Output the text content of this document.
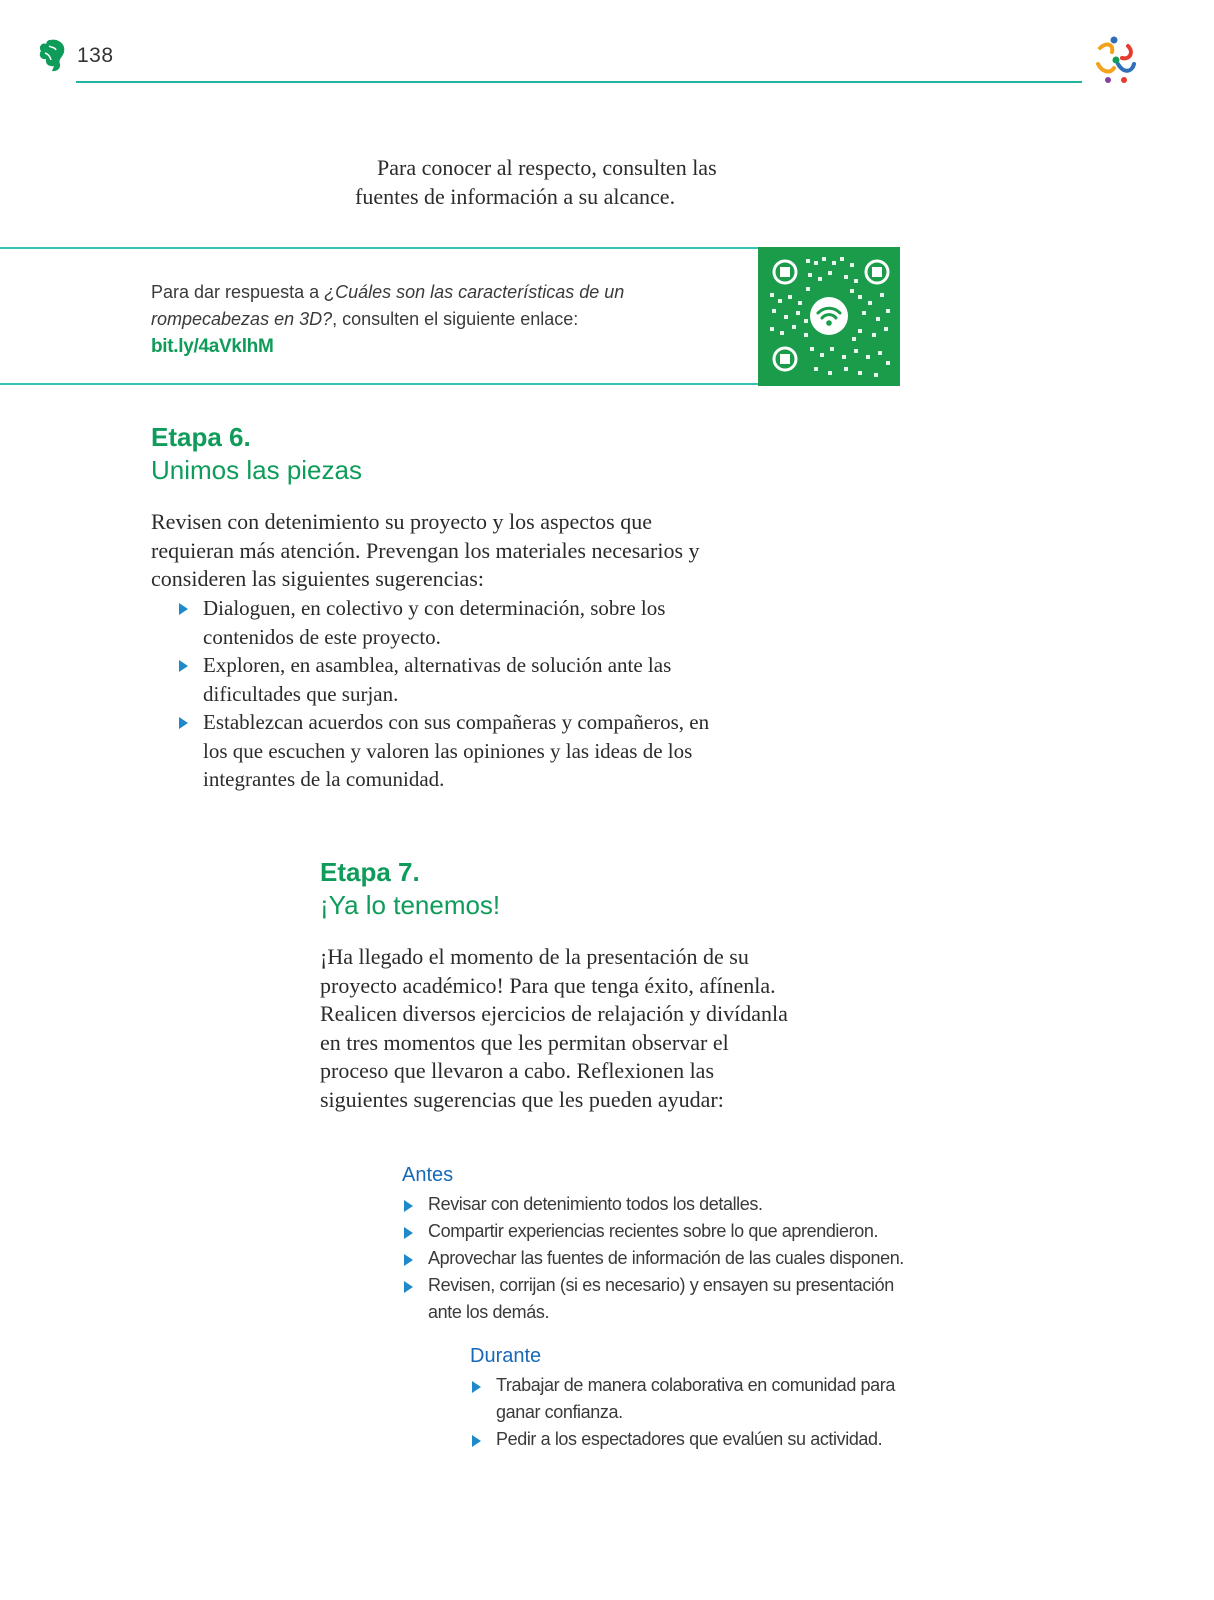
138
Para conocer al respecto, consulten las
fuentes de información a su alcance.
Para dar respuesta a ¿Cuáles son las características de un rompecabezas en 3D?, consulten el siguiente enlace:
bit.ly/4aVklhM
Etapa 6.
Unimos las piezas
Revisen con detenimiento su proyecto y los aspectos que requieran más atención. Prevengan los materiales necesarios y consideren las siguientes sugerencias:
Dialoguen, en colectivo y con determinación, sobre los contenidos de este proyecto.
Exploren, en asamblea, alternativas de solución ante las dificultades que surjan.
Establezcan acuerdos con sus compañeras y compañeros, en los que escuchen y valoren las opiniones y las ideas de los integrantes de la comunidad.
Etapa 7.
¡Ya lo tenemos!
¡Ha llegado el momento de la presentación de su proyecto académico! Para que tenga éxito, afínenla. Realicen diversos ejercicios de relajación y divídanla en tres momentos que les permitan observar el proceso que llevaron a cabo. Reflexionen las siguientes sugerencias que les pueden ayudar:
Antes
Revisar con detenimiento todos los detalles.
Compartir experiencias recientes sobre lo que aprendieron.
Aprovechar las fuentes de información de las cuales disponen.
Revisen, corrijan (si es necesario) y ensayen su presentación ante los demás.
Durante
Trabajar de manera colaborativa en comunidad para ganar confianza.
Pedir a los espectadores que evalúen su actividad.
